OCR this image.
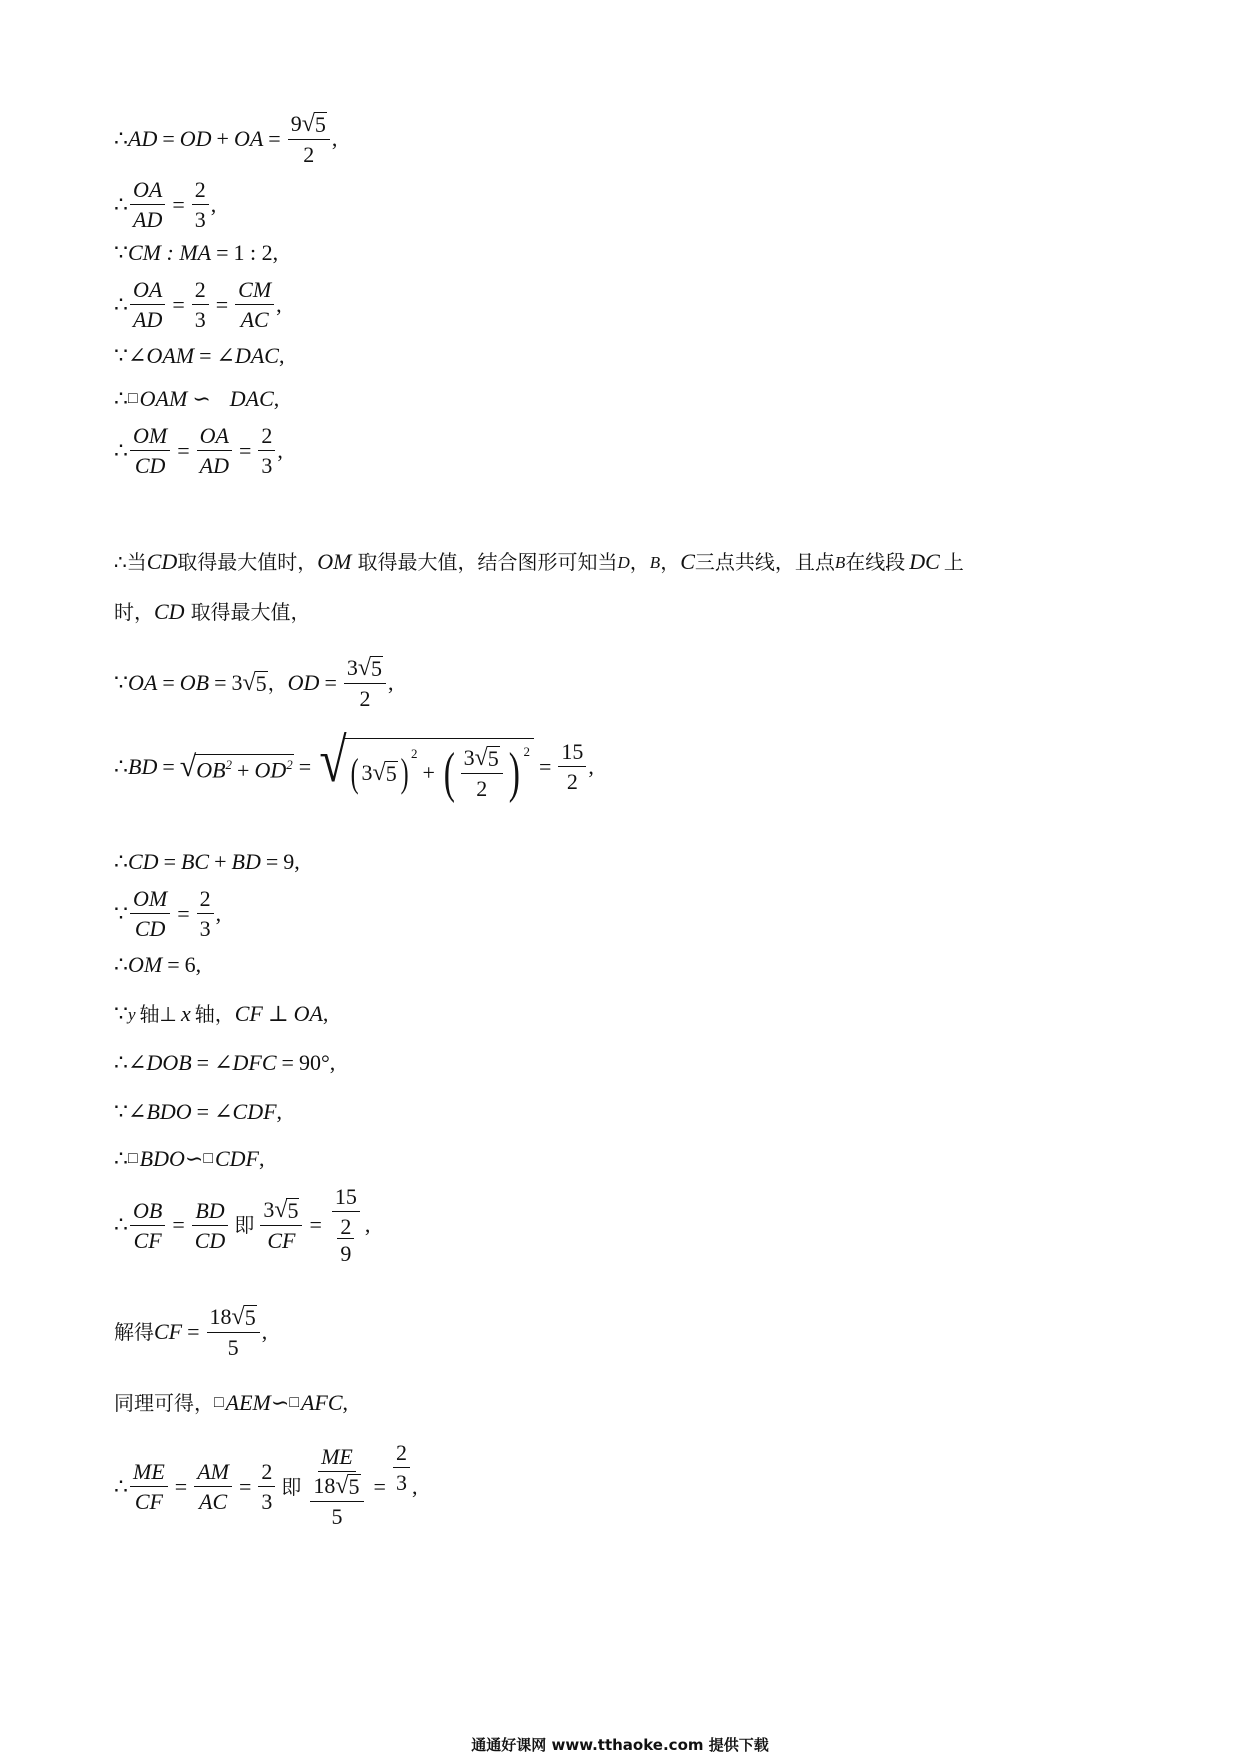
∴ AD = OD + OA = $\frac{9 √ 5}{2}$ ,
∴ $\frac{OA}{AD} = \frac{2}{3}$ ,
∵ CM : MA = 1 : 2 ,
∴ $\frac{OA}{AD} = \frac{2}{3} = \frac{CM}{AC}$ ,
∵ ∠ OAM = ∠ DAC ,
∴ □ OAM ∽ DAC ,
∴ $\frac{OM}{CD} = \frac{OA}{AD} = \frac{2}{3}$ ,
∴当 CD 取得最大值时， OM 取得最大值，结合图形可知当 D ， B ， C 三点共线，且点 B 在线段 DC 上
时， CD 取得最大值，
∵ OA = OB = 3 √ 5 ， OD = $\frac{3 √ 5}{2}$ ,
∴ BD = √ $OB^2 + OD^2$ = √ ( 3 √ 5 )$^2$
+ ( $\frac{3 √ 5}{2}$ ) $^2$
= $\frac{15}{2}$ ,
∴ CD = BC + BD = 9 ,
∵ $\frac{OM}{CD} = \frac{2}{3}$ ,
∴ OM = 6 ,
∵ y 轴⊥ x 轴， CF ⊥ OA ,
∴ ∠ DOB = ∠ DFC = 90° ,
∵ ∠ BDO = ∠ CDF ,
∴ □ BDO ∽ □ CDF ,
∴ $\frac{OB}{CF} = \frac{BD}{CD}$ 即 $\frac{3 √ 5}{CF} = \frac{\frac{15}{2}}{9}$ ,
解得 CF = $\frac{18 √ 5}{5}$ ,
同理可得， □ AEM ∽ □ AFC ,
∴ $\frac{ME}{CF} = \frac{AM}{AC} = \frac{2}{3}$ 即 $\frac{ME}{\frac{18 √ 5}{5}} = \frac{2}{3}$ ,
通通好课网 www.tthaoke.com 提供下载
